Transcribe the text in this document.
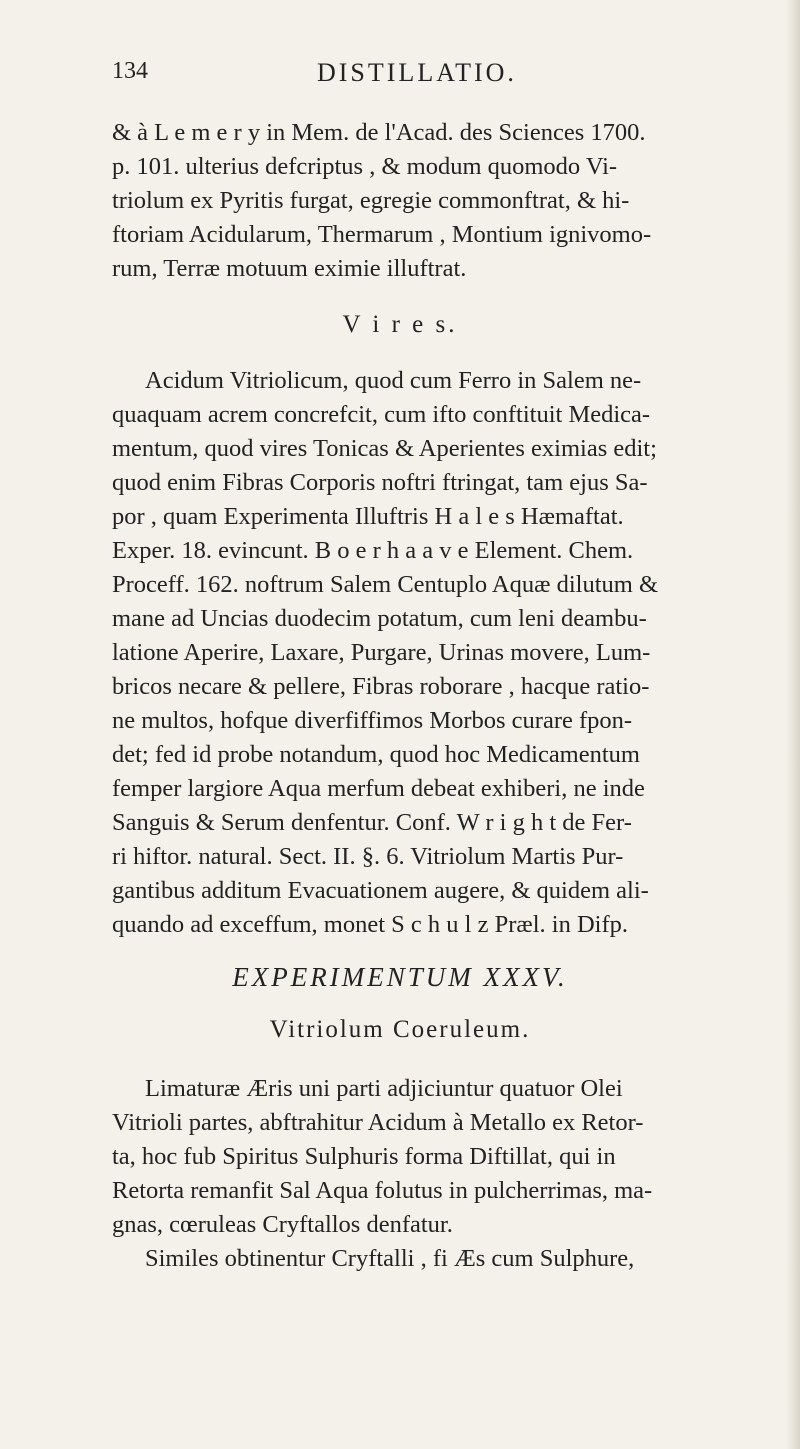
134	DISTILLATIO.
& à L e m e r y in Mem. de l'Acad. des Sciences 1700.
p. 101. ulterius defcriptus , & modum quomodo Vi-
triolum ex Pyritis furgat, egregie commonftrat, & hi-
ftoriam Acidularum, Thermarum , Montium ignivomo-
rum, Terræ motuum eximie illuftrat.
V i r e s.
Acidum Vitriolicum, quod cum Ferro in Salem ne-
quaquam acrem concrefcit, cum ifto conftituit Medica-
mentum, quod vires Tonicas & Aperientes eximias edit;
quod enim Fibras Corporis noftri ftringat, tam ejus Sa-
por , quam Experimenta Illuftris H a l e s Hæmaftat.
Exper. 18. evincunt. B o e r h a a v e Element. Chem.
Proceff. 162. noftrum Salem Centuplo Aquæ dilutum &
mane ad Uncias duodecim potatum, cum leni deambu-
latione Aperire, Laxare, Purgare, Urinas movere, Lum-
bricos necare & pellere, Fibras roborare , hacque ratio-
ne multos, hofque diverfiffimos Morbos curare fpon-
det; fed id probe notandum, quod hoc Medicamentum
femper largiore Aqua merfum debeat exhiberi, ne inde
Sanguis & Serum denfentur. Conf. W r i g h t de Fer-
ri hiftor. natural. Sect. II. §. 6. Vitriolum Martis Pur-
gantibus additum Evacuationem augere, & quidem ali-
quando ad exceffum, monet S c h u l z Præl. in Difp.
EXPERIMENTUM XXXV.
Vitriolum Coeruleum.
Limaturæ Æris uni parti adjiciuntur quatuor Olei
Vitrioli partes, abftrahitur Acidum à Metallo ex Retor-
ta, hoc fub Spiritus Sulphuris forma Diftillat, qui in
Retorta remanfit Sal Aqua folutus in pulcherrimas, ma-
gnas, cœruleas Cryftallos denfatur.
Similes obtinentur Cryftalli , fi Æs cum Sulphure,
